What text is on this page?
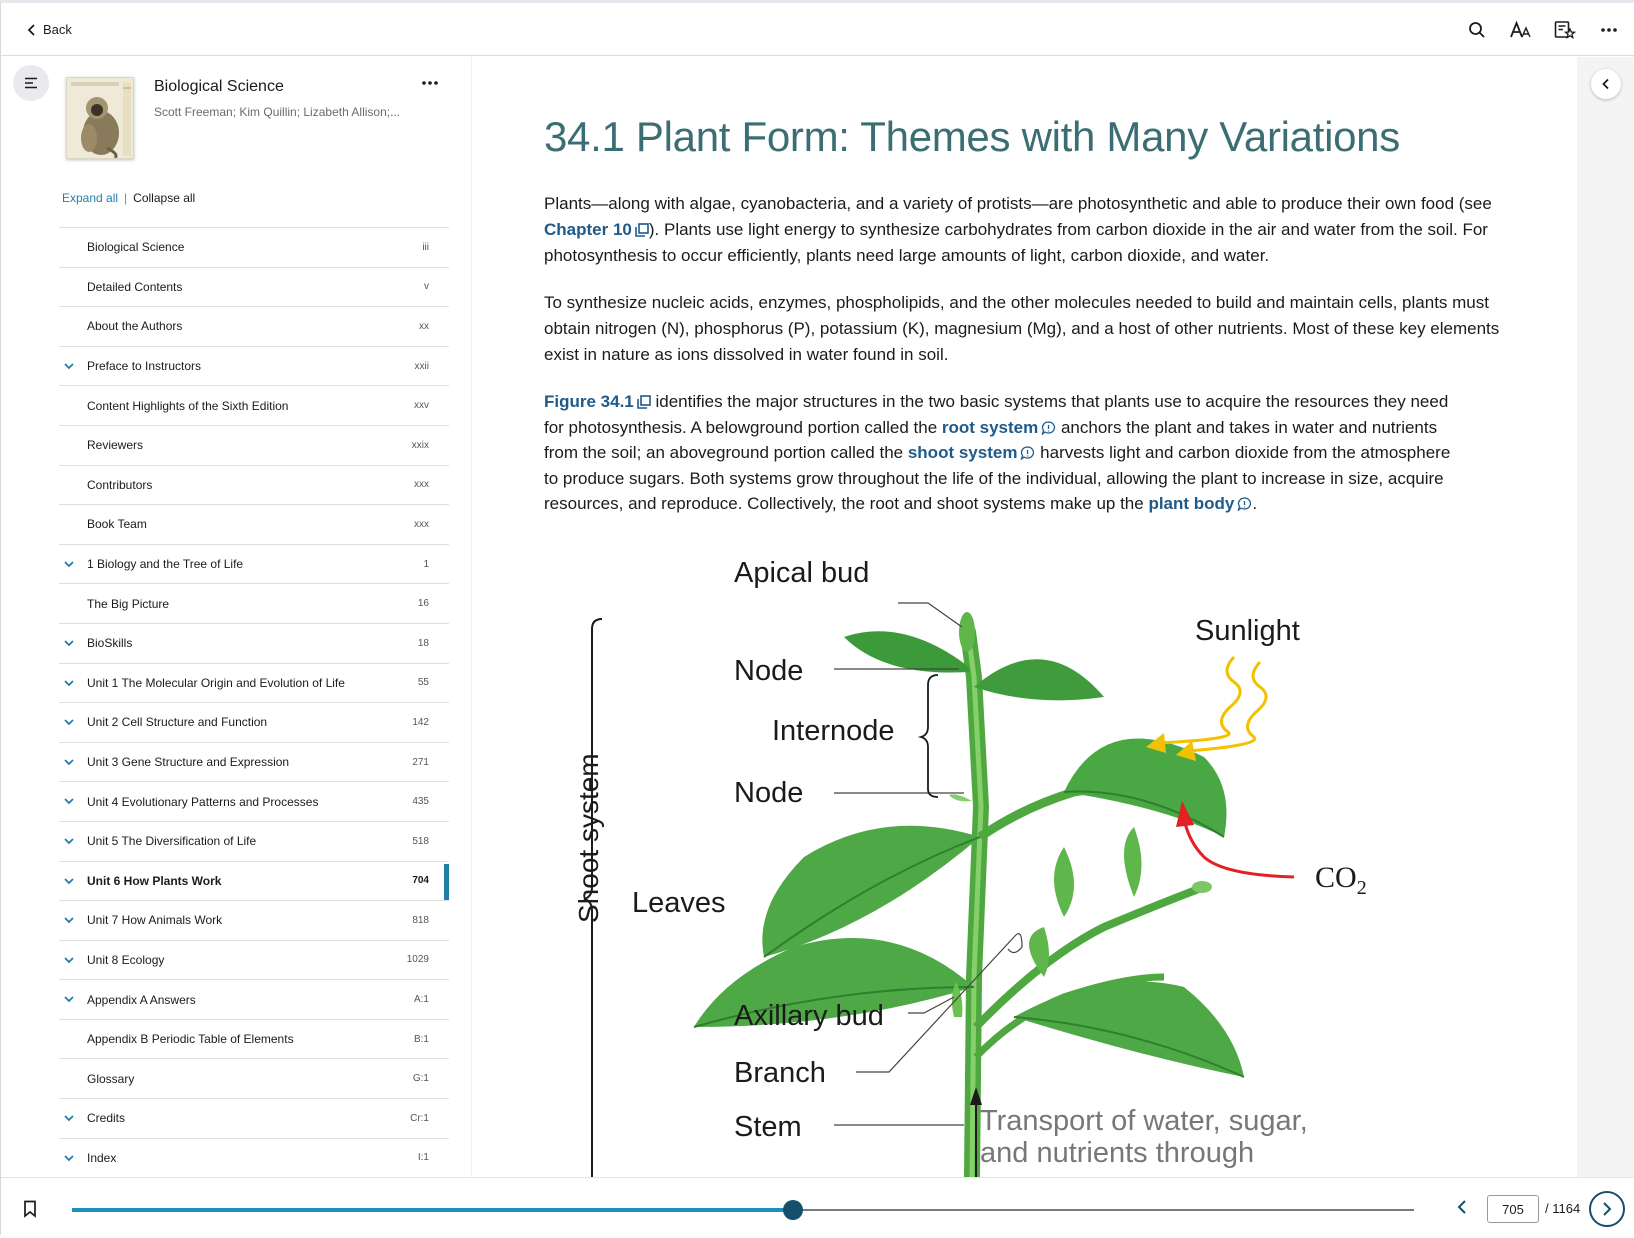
Back
Biological Science
Scott Freeman; Kim Quillin; Lizabeth Allison;...
Expand all | Collapse all
Biological Science	iii
Detailed Contents	v
About the Authors	xx
Preface to Instructors	xxii
Content Highlights of the Sixth Edition	xxv
Reviewers	xxix
Contributors	xxx
Book Team	xxx
1 Biology and the Tree of Life	1
The Big Picture	16
BioSkills	18
Unit 1 The Molecular Origin and Evolution of Life	55
Unit 2 Cell Structure and Function	142
Unit 3 Gene Structure and Expression	271
Unit 4 Evolutionary Patterns and Processes	435
Unit 5 The Diversification of Life	518
Unit 6 How Plants Work	704
Unit 7 How Animals Work	818
Unit 8 Ecology	1029
Appendix A Answers	A:1
Appendix B Periodic Table of Elements	B:1
Glossary	G:1
Credits	Cr:1
Index	I:1
34.1 Plant Form: Themes with Many Variations
Plants—along with algae, cyanobacteria, and a variety of protists—are photosynthetic and able to produce their own food (see Chapter 10 ). Plants use light energy to synthesize carbohydrates from carbon dioxide in the air and water from the soil. For photosynthesis to occur efficiently, plants need large amounts of light, carbon dioxide, and water.
To synthesize nucleic acids, enzymes, phospholipids, and the other molecules needed to build and maintain cells, plants must obtain nitrogen (N), phosphorus (P), potassium (K), magnesium (Mg), and a host of other nutrients. Most of these key elements exist in nature as ions dissolved in water found in soil.
Figure 34.1 identifies the major structures in the two basic systems that plants use to acquire the resources they need for photosynthesis. A belowground portion called the root system anchors the plant and takes in water and nutrients from the soil; an aboveground portion called the shoot system harvests light and carbon dioxide from the atmosphere to produce sugars. Both systems grow throughout the life of the individual, allowing the plant to increase in size, acquire resources, and reproduce. Collectively, the root and shoot systems make up the plant body .
Apical bud
Node
Internode
Node
Leaves
Axillary bud
Branch
Stem
Shoot system
Sunlight
$CO_2$
Transport of water, sugar,
and nutrients through
705
/ 1164
